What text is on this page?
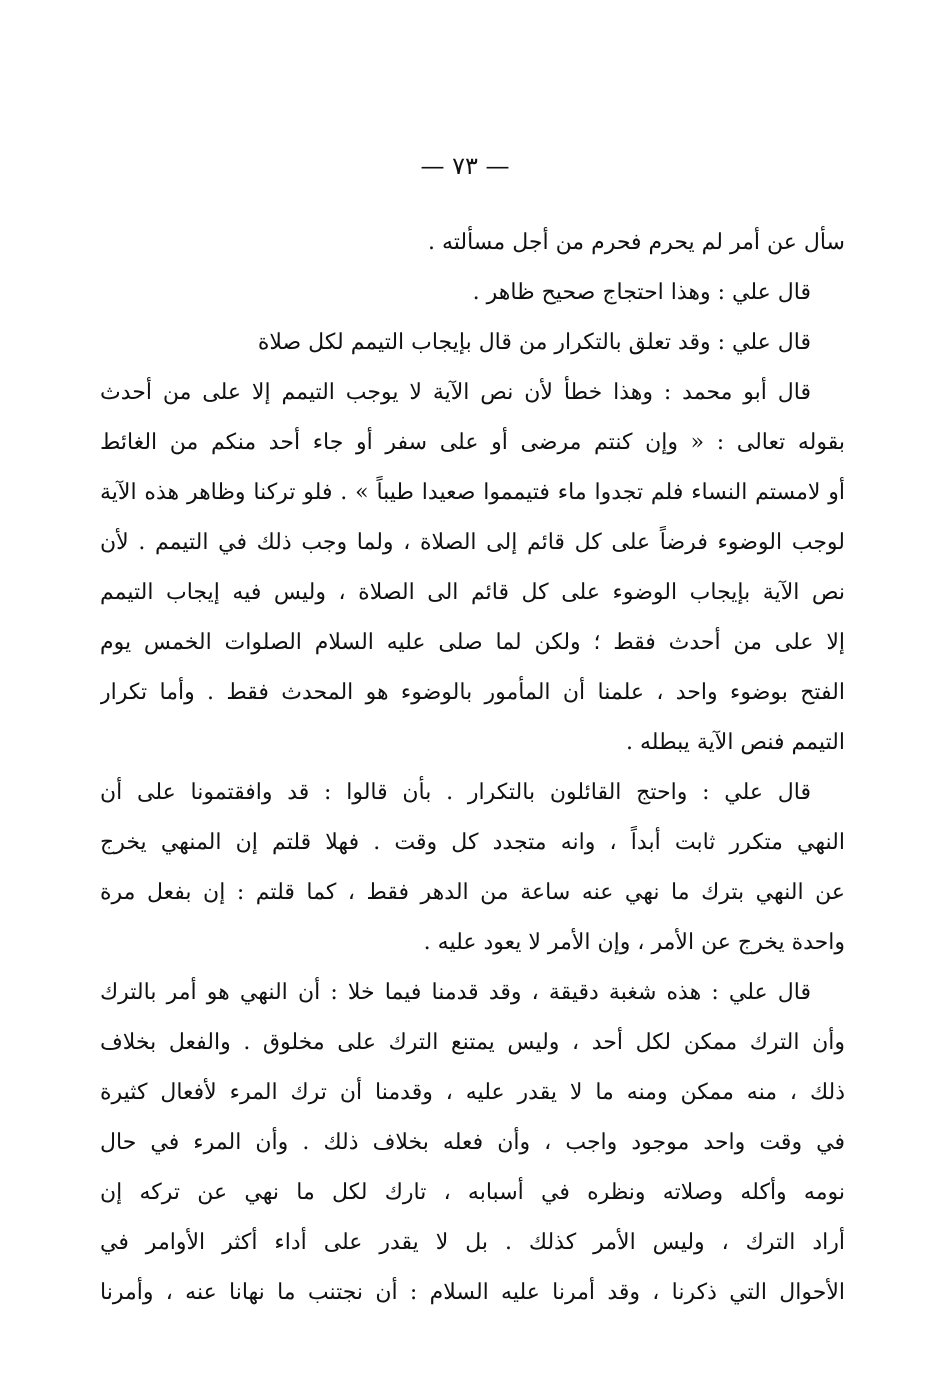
— ٧٣ —
سأل عن أمر لم يحرم فحرم من أجل مسألته .
قال علي : وهذا احتجاج صحيح ظاهر .
قال علي : وقد تعلق بالتكرار من قال بإيجاب التيمم لكل صلاة
قال أبو محمد : وهذا خطأ لأن نص الآية لا يوجب التيمم إلا على من أحدث
بقوله تعالى : « وإن كنتم مرضى أو على سفر أو جاء أحد منكم من الغائط
أو لامستم النساء فلم تجدوا ماء فتيمموا صعيدا طيباً » . فلو تركنا وظاهر هذه الآية
لوجب الوضوء فرضاً على كل قائم إلى الصلاة ، ولما وجب ذلك في التيمم . لأن
نص الآية بإيجاب الوضوء على كل قائم الى الصلاة ، وليس فيه إيجاب التيمم
إلا على من أحدث فقط ؛ ولكن لما صلى عليه السلام الصلوات الخمس يوم
الفتح بوضوء واحد ، علمنا أن المأمور بالوضوء هو المحدث فقط . وأما تكرار
التيمم فنص الآية يبطله .
قال علي : واحتج القائلون بالتكرار . بأن قالوا : قد وافقتمونا على أن
النهي متكرر ثابت أبداً ، وانه متجدد كل وقت . فهلا قلتم إن المنهي يخرج
عن النهي بترك ما نهي عنه ساعة من الدهر فقط ، كما قلتم : إن بفعل مرة
واحدة يخرج عن الأمر ، وإن الأمر لا يعود عليه .
قال علي : هذه شغبة دقيقة ، وقد قدمنا فيما خلا : أن النهي هو أمر بالترك
وأن الترك ممكن لكل أحد ، وليس يمتنع الترك على مخلوق . والفعل بخلاف
ذلك ، منه ممكن ومنه ما لا يقدر عليه ، وقدمنا أن ترك المرء لأفعال كثيرة
في وقت واحد موجود واجب ، وأن فعله بخلاف ذلك . وأن المرء في حال
نومه وأكله وصلاته ونظره في أسبابه ، تارك لكل ما نهي عن تركه إن
أراد الترك ، وليس الأمر كذلك . بل لا يقدر على أداء أكثر الأوامر في
الأحوال التي ذكرنا ، وقد أمرنا عليه السلام : أن نجتنب ما نهانا عنه ، وأمرنا
